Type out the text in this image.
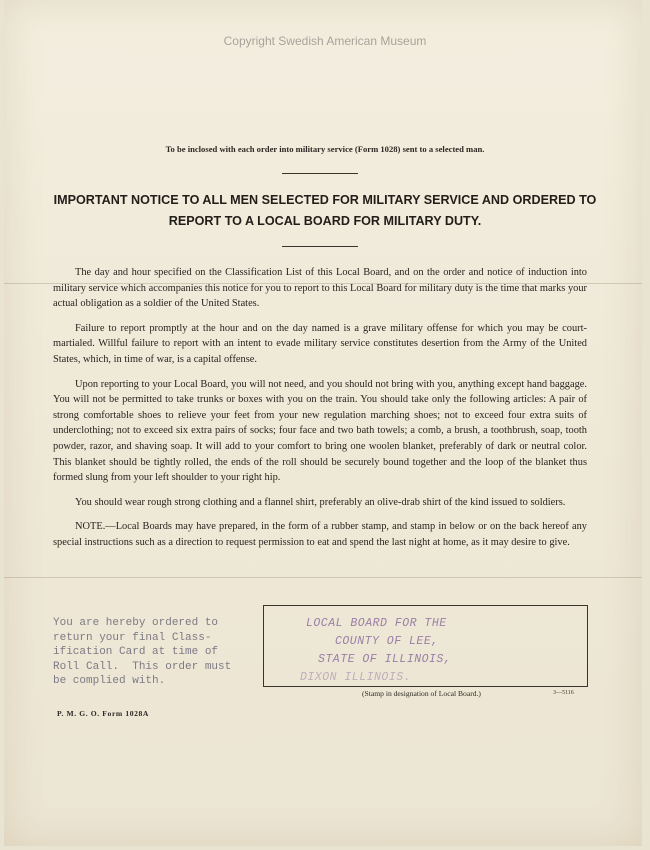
Copyright Swedish American Museum
To be inclosed with each order into military service (Form 1028) sent to a selected man.
IMPORTANT NOTICE TO ALL MEN SELECTED FOR MILITARY SERVICE AND ORDERED TO
REPORT TO A LOCAL BOARD FOR MILITARY DUTY.

The day and hour specified on the Classification List of this Local Board, and on the order and notice of induction into military service which accompanies this notice for you to report to this Local Board for military duty is the time that marks your actual obligation as a soldier of the United States.

Failure to report promptly at the hour and on the day named is a grave military offense for which you may be court-martialed. Willful failure to report with an intent to evade military service constitutes desertion from the Army of the United States, which, in time of war, is a capital offense.

Upon reporting to your Local Board, you will not need, and you should not bring with you, anything except hand baggage. You will not be permitted to take trunks or boxes with you on the train. You should take only the following articles: A pair of strong comfortable shoes to relieve your feet from your new regulation marching shoes; not to exceed four extra suits of underclothing; not to exceed six extra pairs of socks; four face and two bath towels; a comb, a brush, a toothbrush, soap, tooth powder, razor, and shaving soap. It will add to your comfort to bring one woolen blanket, preferably of dark or neutral color. This blanket should be tightly rolled, the ends of the roll should be securely bound together and the loop of the blanket thus formed slung from your left shoulder to your right hip.

You should wear rough strong clothing and a flannel shirt, preferably an olive-drab shirt of the kind issued to soldiers.

NOTE.—Local Boards may have prepared, in the form of a rubber stamp, and stamp in below or on the back hereof any special instructions such as a direction to request permission to eat and spend the last night at home, as it may desire to give.

You are hereby ordered to
return your final Class-
ification Card at time of
Roll Call.  This order must
be complied with.
LOCAL BOARD FOR THE
COUNTY OF LEE,
STATE OF ILLINOIS,
DIXON ILLINOIS.
(Stamp in designation of Local Board.)	3—5116
P. M. G. O. Form 1028A
